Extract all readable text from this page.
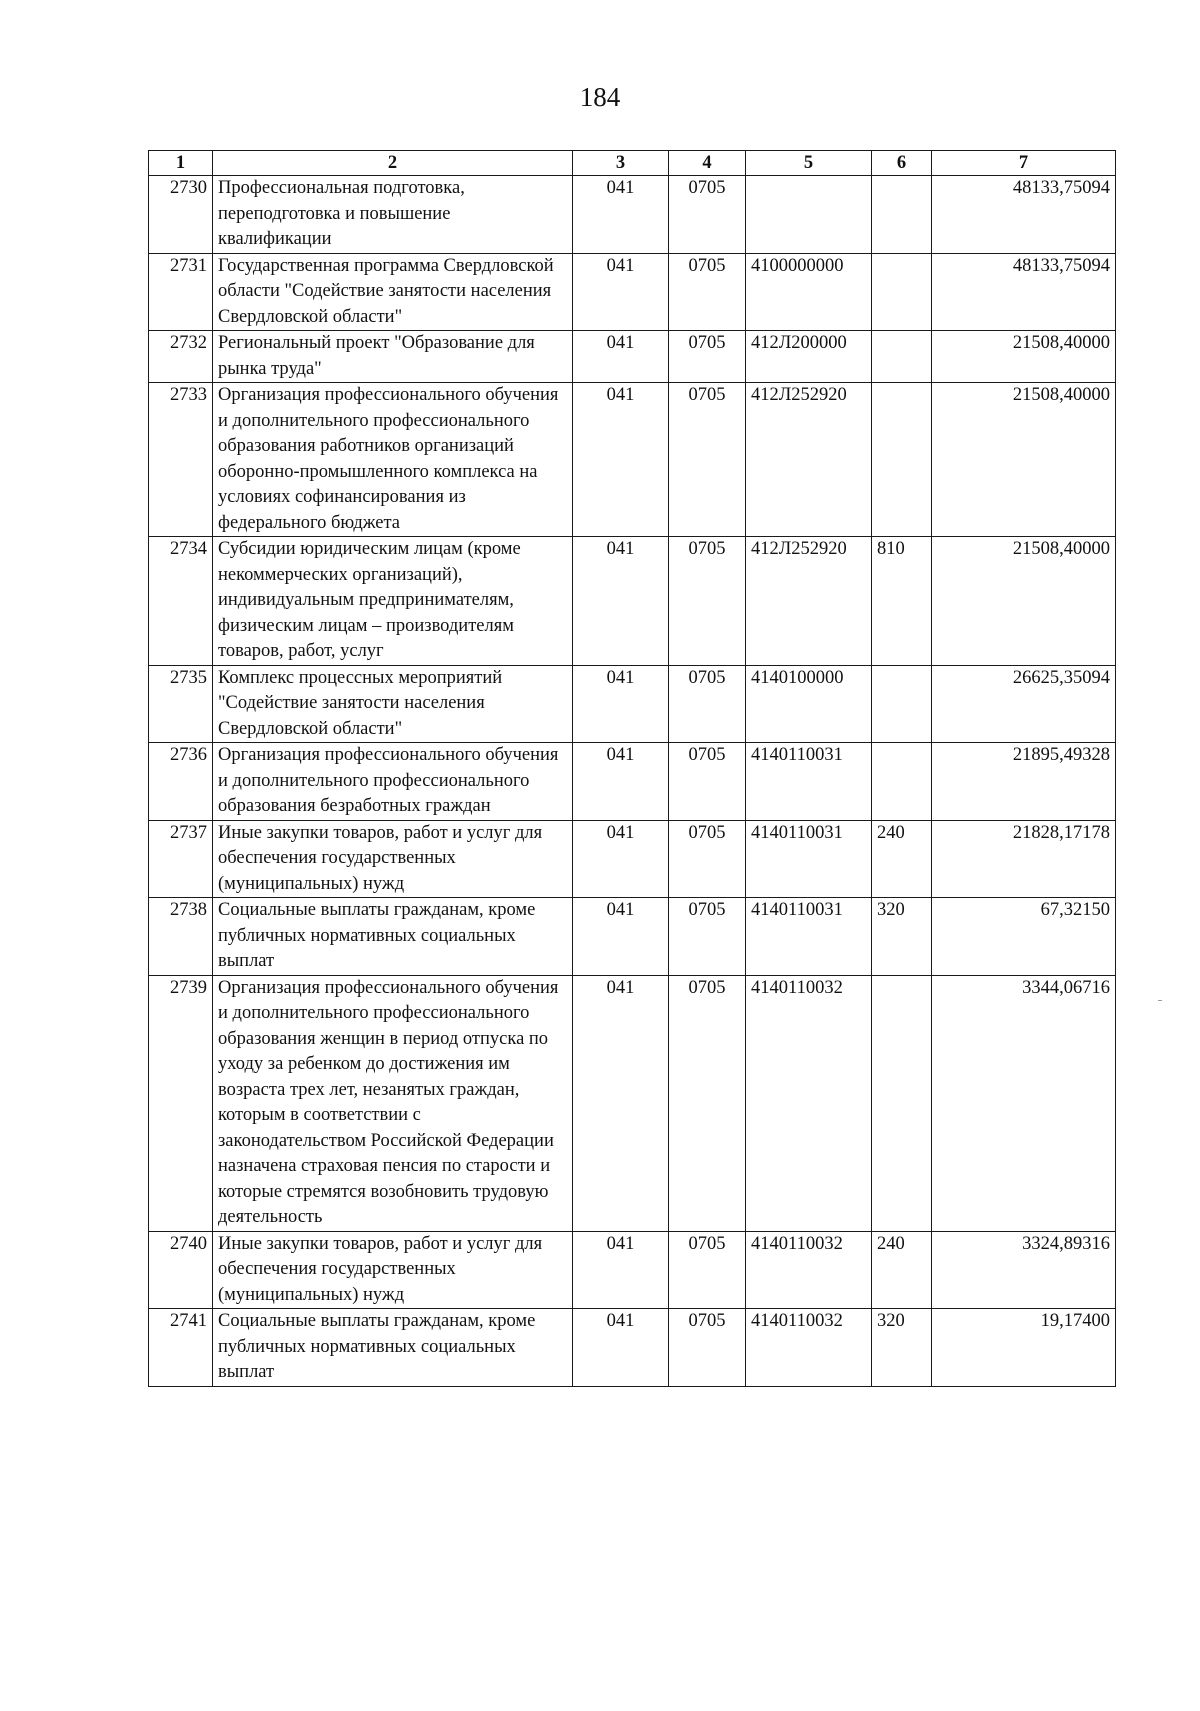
184
1	2	3	4	5	6	7
2730	Профессиональная подготовка, переподготовка и повышение квалификации	041	0705			48133,75094
2731	Государственная программа Свердловской области "Содействие занятости населения Свердловской области"	041	0705	4100000000		48133,75094
2732	Региональный проект "Образование для рынка труда"	041	0705	412Л200000		21508,40000
2733	Организация профессионального обучения и дополнительного профессионального образования работников организаций оборонно-промышленного комплекса на условиях софинансирования из федерального бюджета	041	0705	412Л252920		21508,40000
2734	Субсидии юридическим лицам (кроме некоммерческих организаций), индивидуальным предпринимателям, физическим лицам – производителям товаров, работ, услуг	041	0705	412Л252920	810	21508,40000
2735	Комплекс процессных мероприятий "Содействие занятости населения Свердловской области"	041	0705	4140100000		26625,35094
2736	Организация профессионального обучения и дополнительного профессионального образования безработных граждан	041	0705	4140110031		21895,49328
2737	Иные закупки товаров, работ и услуг для обеспечения государственных (муниципальных) нужд	041	0705	4140110031	240	21828,17178
2738	Социальные выплаты гражданам, кроме публичных нормативных социальных выплат	041	0705	4140110031	320	67,32150
2739	Организация профессионального обучения и дополнительного профессионального образования женщин в период отпуска по уходу за ребенком до достижения им возраста трех лет, незанятых граждан, которым в соответствии с законодательством Российской Федерации назначена страховая пенсия по старости и которые стремятся возобновить трудовую деятельность	041	0705	4140110032		3344,06716
2740	Иные закупки товаров, работ и услуг для обеспечения государственных (муниципальных) нужд	041	0705	4140110032	240	3324,89316
2741	Социальные выплаты гражданам, кроме публичных нормативных социальных выплат	041	0705	4140110032	320	19,17400
